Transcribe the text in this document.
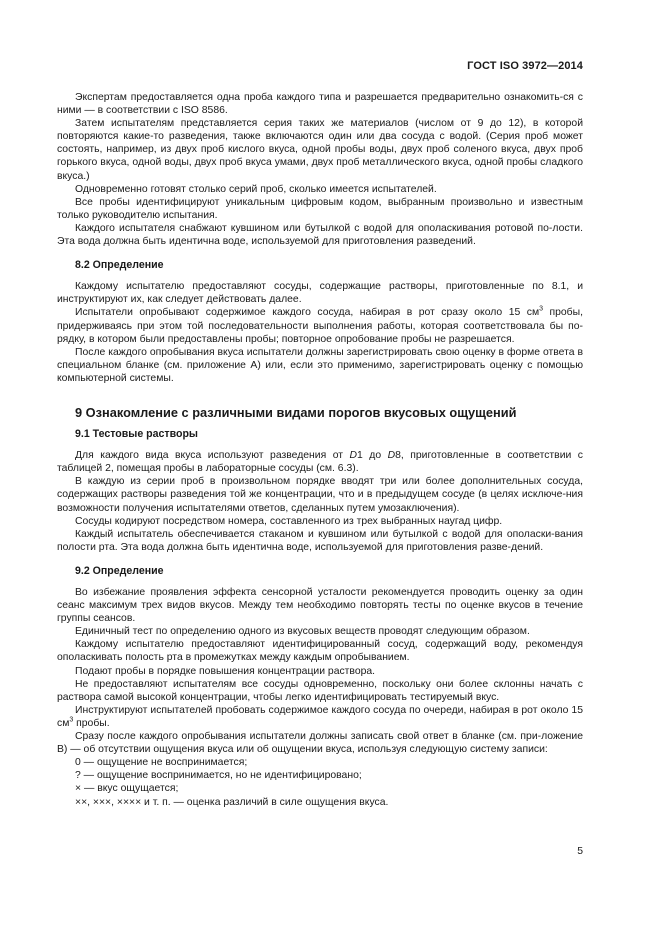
ГОСТ ISO 3972—2014

Экспертам предоставляется одна проба каждого типа и разрешается предварительно ознакомить-ся с ними — в соответствии с ISO 8586.

Затем испытателям представляется серия таких же материалов (числом от 9 до 12), в которой повторяются какие-то разведения, также включаются один или два сосуда с водой. (Серия проб может состоять, например, из двух проб кислого вкуса, одной пробы воды, двух проб соленого вкуса, двух проб горького вкуса, одной воды, двух проб вкуса умами, двух проб металлического вкуса, одной пробы сладкого вкуса.)

Одновременно готовят столько серий проб, сколько имеется испытателей.

Все пробы идентифицируют уникальным цифровым кодом, выбранным произвольно и известным только руководителю испытания.

Каждого испытателя снабжают кувшином или бутылкой с водой для ополаскивания ротовой по-лости. Эта вода должна быть идентична воде, используемой для приготовления разведений.

8.2 Определение

Каждому испытателю предоставляют сосуды, содержащие растворы, приготовленные по 8.1, и инструктируют их, как следует действовать далее.

Испытатели опробывают содержимое каждого сосуда, набирая в рот сразу около 15 $см^3$ пробы, придерживаясь при этом той последовательности выполнения работы, которая соответствовала бы по-рядку, в котором были предоставлены пробы; повторное опробование пробы не разрешается.

После каждого опробывания вкуса испытатели должны зарегистрировать свою оценку в форме ответа в специальном бланке (см. приложение А) или, если это применимо, зарегистрировать оценку с помощью компьютерной системы.

9 Ознакомление с различными видами порогов вкусовых ощущений
9.1 Тестовые растворы

Для каждого вида вкуса используют разведения от D1 до D8, приготовленные в соответствии с таблицей 2, помещая пробы в лабораторные сосуды (см. 6.3).

В каждую из серии проб в произвольном порядке вводят три или более дополнительных сосуда, содержащих растворы разведения той же концентрации, что и в предыдущем сосуде (в целях исключе-ния возможности получения испытателями ответов, сделанных путем умозаключения).

Сосуды кодируют посредством номера, составленного из трех выбранных наугад цифр.

Каждый испытатель обеспечивается стаканом и кувшином или бутылкой с водой для ополаски-вания полости рта. Эта вода должна быть идентична воде, используемой для приготовления разве-дений.

9.2 Определение

Во избежание проявления эффекта сенсорной усталости рекомендуется проводить оценку за один сеанс максимум трех видов вкусов. Между тем необходимо повторять тесты по оценке вкусов в течение группы сеансов.

Единичный тест по определению одного из вкусовых веществ проводят следующим образом.

Каждому испытателю предоставляют идентифицированный сосуд, содержащий воду, рекомендуя ополаскивать полость рта в промежутках между каждым опробыванием.

Подают пробы в порядке повышения концентрации раствора.

Не предоставляют испытателям все сосуды одновременно, поскольку они более склонны начать с раствора самой высокой концентрации, чтобы легко идентифицировать тестируемый вкус.

Инструктируют испытателей пробовать содержимое каждого сосуда по очереди, набирая в рот около 15 $см^3$ пробы.

Сразу после каждого опробывания испытатели должны записать свой ответ в бланке (см. при-ложение В) — об отсутствии ощущения вкуса или об ощущении вкуса, используя следующую систему записи:

0 — ощущение не воспринимается;

? — ощущение воспринимается, но не идентифицировано;

× — вкус ощущается;

××, ×××, ×××× и т. п. — оценка различий в силе ощущения вкуса.

5
